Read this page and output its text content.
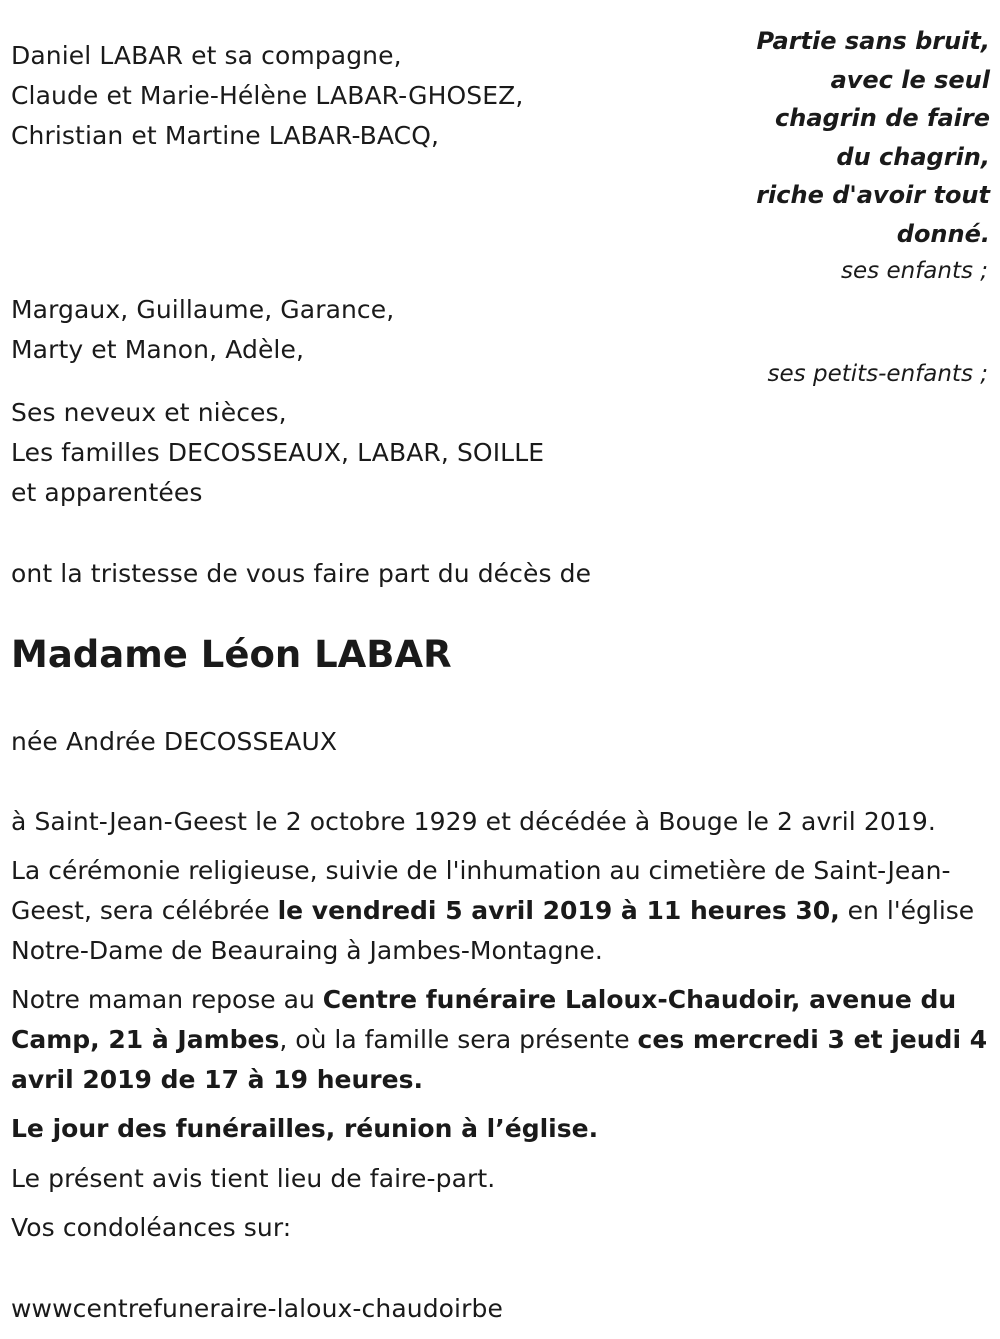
Daniel LABAR et sa compagne,
Claude et Marie-Hélène LABAR-GHOSEZ,
Christian et Martine LABAR-BACQ,
Partie sans bruit,
avec le seul
chagrin de faire
du chagrin,
riche d'avoir tout
donné.
ses enfants ;
Margaux, Guillaume, Garance,
Marty et Manon, Adèle,
ses petits-enfants ;
Ses neveux et nièces,
Les familles DECOSSEAUX, LABAR, SOILLE
et apparentées
ont la tristesse de vous faire part du décès de
Madame Léon LABAR
née Andrée DECOSSEAUX
à Saint-Jean-Geest le 2 octobre 1929 et décédée à Bouge le 2 avril 2019.
La cérémonie religieuse, suivie de l'inhumation au cimetière de Saint-Jean-Geest, sera célébrée le vendredi 5 avril 2019 à 11 heures 30, en l'église Notre-Dame de Beauraing à Jambes-Montagne.
Notre maman repose au Centre funéraire Laloux-Chaudoir, avenue du Camp, 21 à Jambes, où la famille sera présente ces mercredi 3 et jeudi 4 avril 2019 de 17 à 19 heures.
Le jour des funérailles, réunion à l’église.
Le présent avis tient lieu de faire-part.
Vos condoléances sur:
wwwcentrefuneraire-laloux-chaudoirbe
